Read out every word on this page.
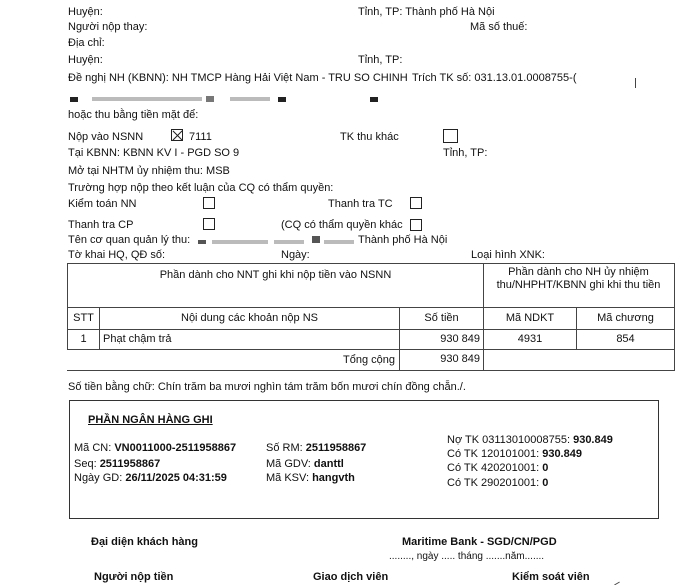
Huyện:	Tỉnh, TP: Thành phố Hà Nội
Người nộp thay:	Mã số thuế:
Địa chỉ:
Huyện:	Tỉnh, TP:
Đề nghị NH (KBNN): NH TMCP Hàng Hải Việt Nam - TRU SO CHINH Trích TK số: 031.13.01.0008755-(
hoặc thu bằng tiền mặt để:
Nộp vào NSNN	7111	TK thu khác
Tại KBNN: KBNN KV I - PGD SO 9	Tỉnh, TP:
Mở tại NHTM ủy nhiệm thu: MSB
Trường hợp nộp theo kết luận của CQ có thẩm quyền:
Kiểm toán NN	Thanh tra TC
Thanh tra CP	(CQ có thẩm quyền khác
Tên cơ quan quản lý thu:	Thành phố Hà Nội
Tờ khai HQ, QĐ số:	Ngày:	Loại hình XNK:
Phần dành cho NNT ghi khi nộp tiền vào NSNN	Phần dành cho NH ủy nhiệm thu/NHPHT/KBNN ghi khi thu tiền
STT	Nội dung các khoản nộp NS	Số tiền	Mã NDKT	Mã chương
1	Phạt chậm trả	930 849	4931	854
Tổng cộng	930 849
Số tiền bằng chữ: Chín trăm ba mươi nghìn tám trăm bốn mươi chín đồng chẵn./.
PHẦN NGÂN HÀNG GHI
Mã CN: VN0011000-2511958867
Seq: 2511958867
Ngày GD: 26/11/2025 04:31:59
Số RM: 2511958867
Mã GDV: danttl
Mã KSV: hangvth
Nợ TK 03113010008755: 930.849
Có TK 120101001: 930.849
Có TK 420201001: 0
Có TK 290201001: 0
Đại diện khách hàng	Maritime Bank - SGD/CN/PGD
........, ngày ..... tháng .......năm.......
Người nộp tiền	Giao dịch viên	Kiểm soát viên
